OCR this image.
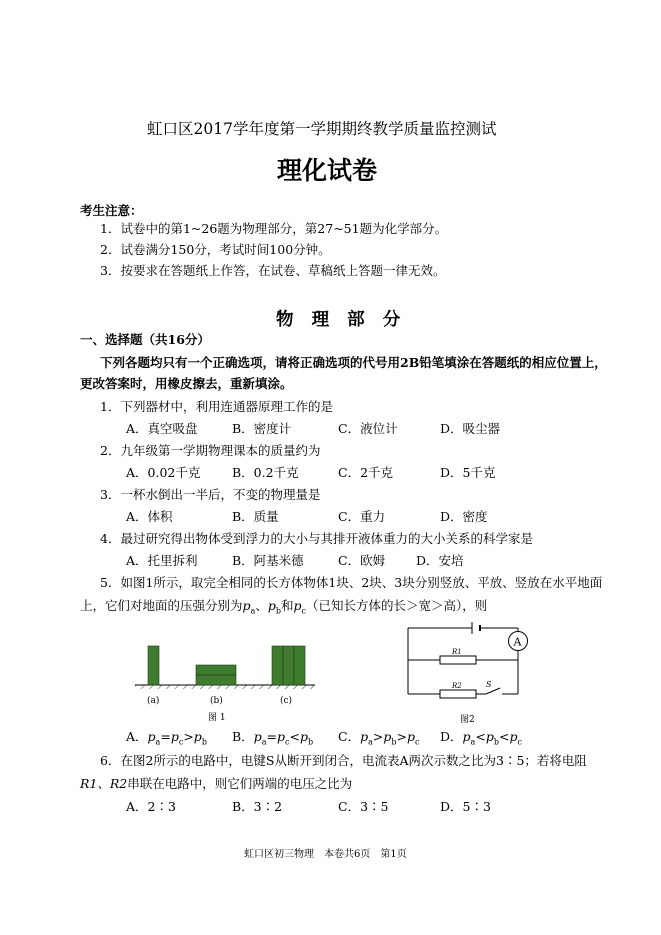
虹口区2017学年度第一学期期终教学质量监控测试
理化试卷
考生注意：
1．试卷中的第1~26题为物理部分，第27~51题为化学部分。
2．试卷满分150分，考试时间100分钟。
3．按要求在答题纸上作答，在试卷、草稿纸上答题一律无效。
物 理 部 分
一、选择题（共16分）
下列各题均只有一个正确选项，请将正确选项的代号用2B铅笔填涂在答题纸的相应位置上，
更改答案时，用橡皮擦去，重新填涂。
1．下列器材中，利用连通器原理工作的是
A．真空吸盘	B．密度计	C．液位计	D．吸尘器
2．九年级第一学期物理课本的质量约为
A．0.02千克	B．0.2千克	C．2千克	D．5千克
3．一杯水倒出一半后，不变的物理量是
A．体积	B．质量	C．重力	D．密度
4．最过研究得出物体受到浮力的大小与其排开液体重力的大小关系的科学家是
A．托里拆利	B．阿基米德	C．欧姆 D．安培
5．如图1所示，取完全相同的长方体物体1块、2块、3块分别竖放、平放、竖放在水平地面
上，它们对地面的压强分别为$p_a$、$p_b$和$p_c$（已知长方体的长＞宽＞高），则
(a)	(b)	(c)
图 1
A
R1
R2	S
图2
A．$p_a=p_c>p_b$ B．$p_a=p_c<p_b$ C．$p_a>p_b>p_c$ D．$p_a<p_b<p_c$
6．在图2所示的电路中，电键S从断开到闭合，电流表A两次示数之比为3∶5；若将电阻
R1、R2串联在电路中，则它们两端的电压之比为
A．2∶3	B．3∶2	C．3∶5	D．5∶3
虹口区初三物理　本卷共6页　第1页
